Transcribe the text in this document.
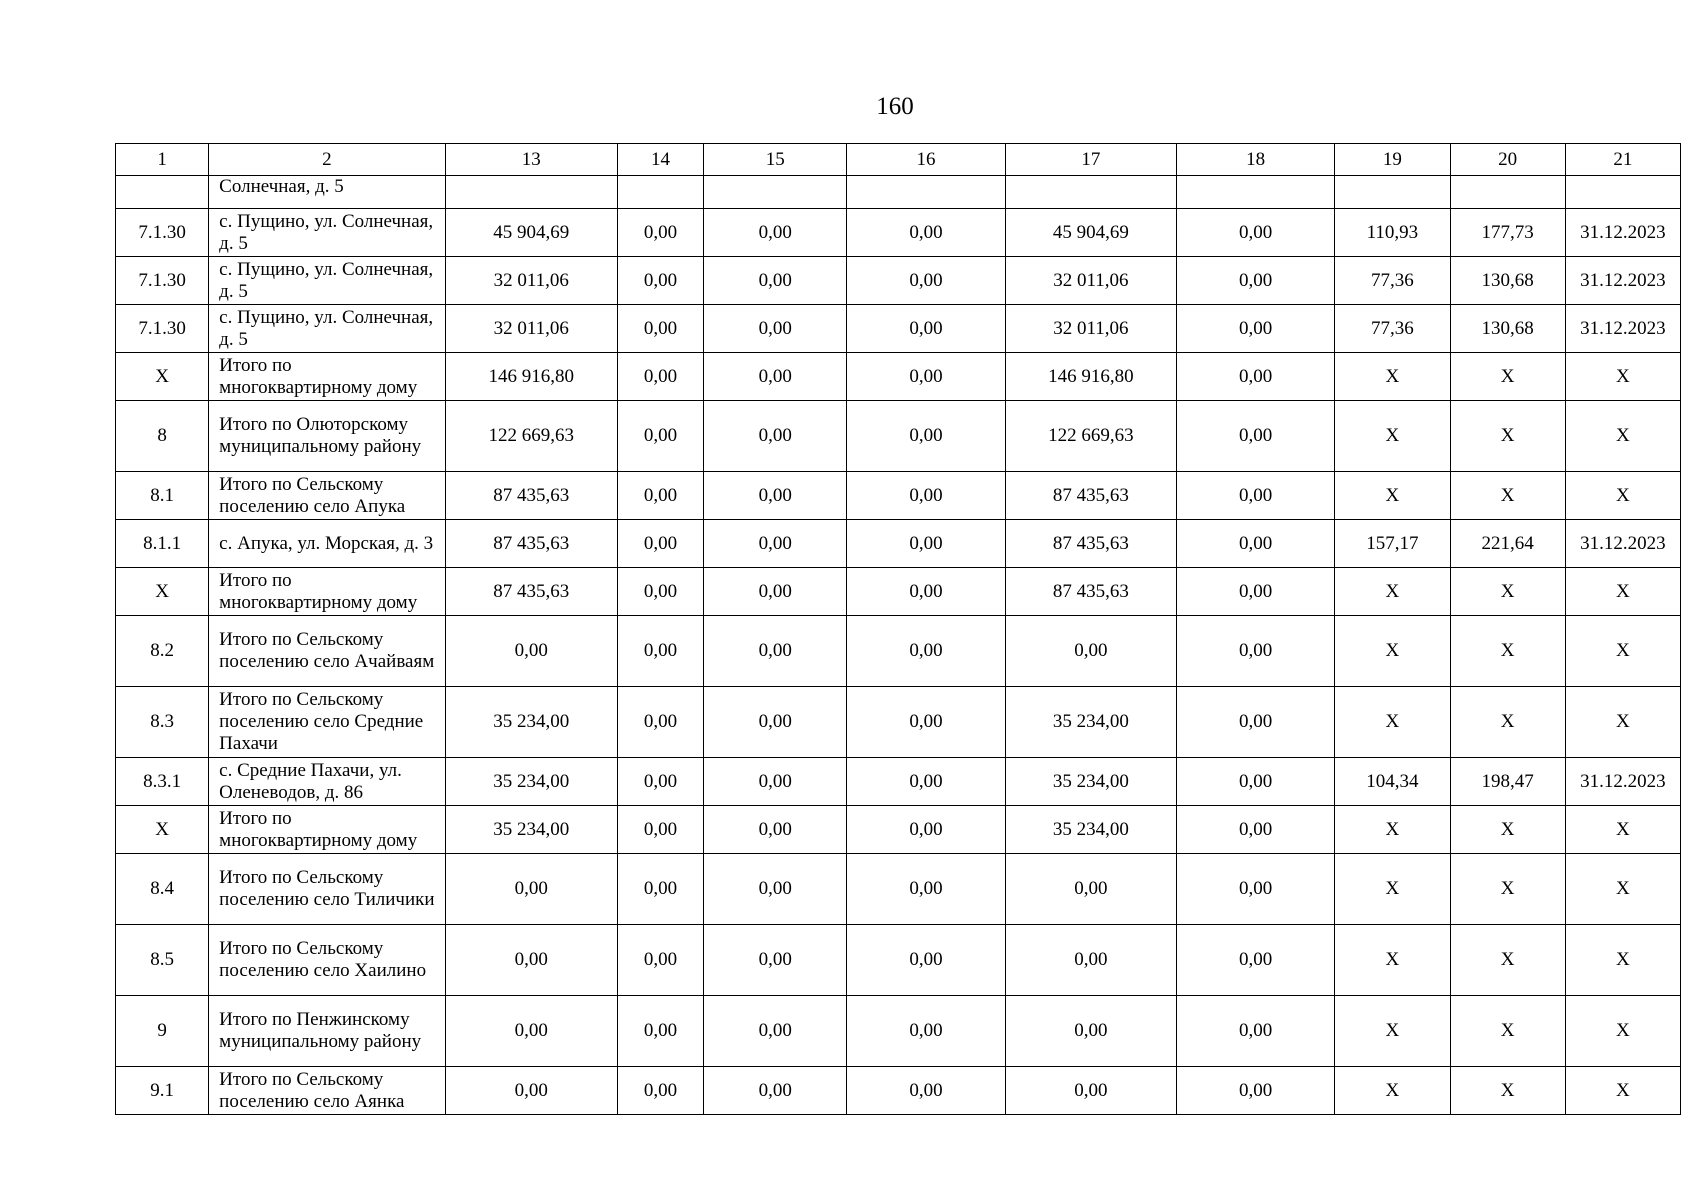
160
1	2	13	14	15	16	17	18	19	20	21
	Солнечная, д. 5									
7.1.30	с. Пущино, ул. Солнечная, д. 5	45 904,69	0,00	0,00	0,00	45 904,69	0,00	110,93	177,73	31.12.2023
7.1.30	с. Пущино, ул. Солнечная, д. 5	32 011,06	0,00	0,00	0,00	32 011,06	0,00	77,36	130,68	31.12.2023
7.1.30	с. Пущино, ул. Солнечная, д. 5	32 011,06	0,00	0,00	0,00	32 011,06	0,00	77,36	130,68	31.12.2023
X	Итого по многоквартирному дому	146 916,80	0,00	0,00	0,00	146 916,80	0,00	X	X	X
8	Итого по Олюторскому муниципальному району	122 669,63	0,00	0,00	0,00	122 669,63	0,00	X	X	X
8.1	Итого по Сельскому поселению село Апука	87 435,63	0,00	0,00	0,00	87 435,63	0,00	X	X	X
8.1.1	с. Апука, ул. Морская, д. 3	87 435,63	0,00	0,00	0,00	87 435,63	0,00	157,17	221,64	31.12.2023
X	Итого по многоквартирному дому	87 435,63	0,00	0,00	0,00	87 435,63	0,00	X	X	X
8.2	Итого по Сельскому поселению село Ачайваям	0,00	0,00	0,00	0,00	0,00	0,00	X	X	X
8.3	Итого по Сельскому поселению село Средние Пахачи	35 234,00	0,00	0,00	0,00	35 234,00	0,00	X	X	X
8.3.1	с. Средние Пахачи, ул. Оленеводов, д. 86	35 234,00	0,00	0,00	0,00	35 234,00	0,00	104,34	198,47	31.12.2023
X	Итого по многоквартирному дому	35 234,00	0,00	0,00	0,00	35 234,00	0,00	X	X	X
8.4	Итого по Сельскому поселению село Тиличики	0,00	0,00	0,00	0,00	0,00	0,00	X	X	X
8.5	Итого по Сельскому поселению село Хаилино	0,00	0,00	0,00	0,00	0,00	0,00	X	X	X
9	Итого по Пенжинскому муниципальному району	0,00	0,00	0,00	0,00	0,00	0,00	X	X	X
9.1	Итого по Сельскому поселению село Аянка	0,00	0,00	0,00	0,00	0,00	0,00	X	X	X
